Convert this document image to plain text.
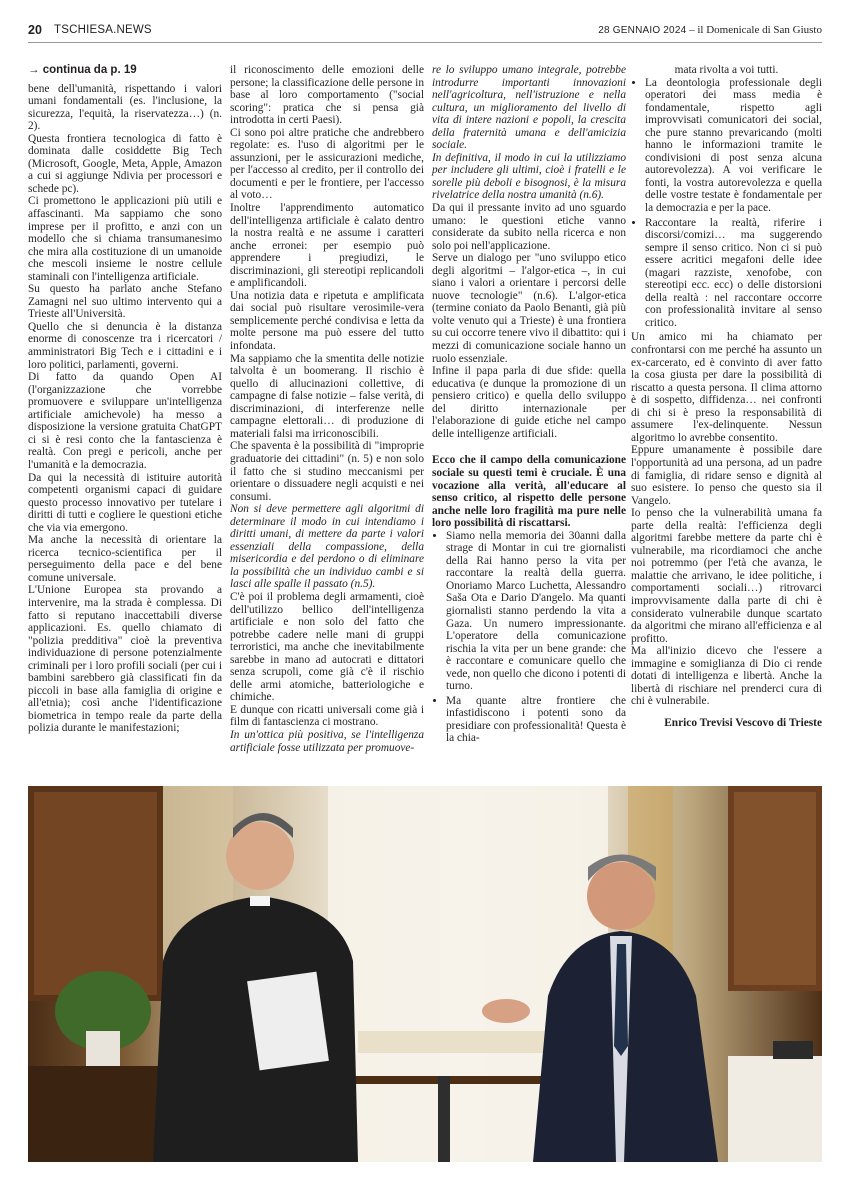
20 TSCHIESA.NEWS	28 GENNAIO 2024 – il Domenicale di San Giusto

→ continua da p. 19

bene dell'umanità, rispettando i valori umani fondamentali (es. l'inclusione, la sicurezza, l'equità, la riservatezza…) (n. 2).

Questa frontiera tecnologica di fatto è dominata dalle cosiddette Big Tech (Microsoft, Google, Meta, Apple, Amazon a cui si aggiunge Ndivia per processori e schede pc).

Ci promettono le applicazioni più utili e affascinanti. Ma sappiamo che sono imprese per il profitto, e anzi con un modello che si chiama transumanesimo che mira alla costituzione di un umanoide che mescoli insieme le nostre cellule staminali con l'intelligenza artificiale.

Su questo ha parlato anche Stefano Zamagni nel suo ultimo intervento qui a Trieste all'Università.

Quello che si denuncia è la distanza enorme di conoscenze tra i ricercatori / amministratori Big Tech e i cittadini e i loro politici, parlamenti, governi.

Di fatto da quando Open AI (l'organizzazione che vorrebbe promuovere e sviluppare un'intelligenza artificiale amichevole) ha messo a disposizione la versione gratuita ChatGPT ci si è resi conto che la fantascienza è realtà. Con pregi e pericoli, anche per l'umanità e la democrazia.

Da qui la necessità di istituire autorità competenti organismi capaci di guidare questo processo innovativo per tutelare i diritti di tutti e cogliere le questioni etiche che via via emergono.

Ma anche la necessità di orientare la ricerca tecnico-scientifica per il perseguimento della pace e del bene comune universale.

L'Unione Europea sta provando a intervenire, ma la strada è complessa. Di fatto si reputano inaccettabili diverse applicazioni. Es. quello chiamato di "polizia predditiva" cioè la preventiva individuazione di persone potenzialmente criminali per i loro profili sociali (per cui i bambini sarebbero già classificati fin da piccoli in base alla famiglia di origine e all'etnia); così anche l'identificazione biometrica in tempo reale da parte della polizia durante le manifestazioni;

il riconoscimento delle emozioni delle persone; la classificazione delle persone in base al loro comportamento ("social scoring": pratica che si pensa già introdotta in certi Paesi).

Ci sono poi altre pratiche che andrebbero regolate: es. l'uso di algoritmi per le assunzioni, per le assicurazioni mediche, per l'accesso al credito, per il controllo dei documenti e per le frontiere, per l'accesso al voto…

Inoltre l'apprendimento automatico dell'intelligenza artificiale è calato dentro la nostra realtà e ne assume i caratteri anche erronei: per esempio può apprendere i pregiudizi, le discriminazioni, gli stereotipi replicandoli e amplificandoli.

Una notizia data e ripetuta e amplificata dai social può risultare verosimile-vera semplicemente perché condivisa e letta da molte persone ma può essere del tutto infondata.

Ma sappiamo che la smentita delle notizie talvolta è un boomerang. Il rischio è quello di allucinazioni collettive, di campagne di false notizie – false verità, di discriminazioni, di interferenze nelle campagne elettorali… di produzione di materiali falsi ma irriconoscibili.

Che spaventa è la possibilità di "improprie graduatorie dei cittadini" (n. 5) e non solo il fatto che si studino meccanismi per orientare o dissuadere negli acquisti e nei consumi.

Non si deve permettere agli algoritmi di determinare il modo in cui intendiamo i diritti umani, di mettere da parte i valori essenziali della compassione, della misericordia e del perdono o di eliminare la possibilità che un individuo cambi e si lasci alle spalle il passato (n.5).

C'è poi il problema degli armamenti, cioè dell'utilizzo bellico dell'intelligenza artificiale e non solo del fatto che potrebbe cadere nelle mani di gruppi terroristici, ma anche che inevitabilmente sarebbe in mano ad autocrati e dittatori senza scrupoli, come già c'è il rischio delle armi atomiche, batteriologiche e chimiche.

E dunque con ricatti universali come già i film di fantascienza ci mostrano.

In un'ottica più positiva, se l'intelligenza artificiale fosse utilizzata per promuove-

re lo sviluppo umano integrale, potrebbe introdurre importanti innovazioni nell'agricoltura, nell'istruzione e nella cultura, un miglioramento del livello di vita di intere nazioni e popoli, la crescita della fraternità umana e dell'amicizia sociale.

In definitiva, il modo in cui la utilizziamo per includere gli ultimi, cioè i fratelli e le sorelle più deboli e bisognosi, è la misura rivelatrice della nostra umanità (n.6).

Da qui il pressante invito ad uno sguardo umano: le questioni etiche vanno considerate da subito nella ricerca e non solo poi nell'applicazione.

Serve un dialogo per "uno sviluppo etico degli algoritmi – l'algor-etica –, in cui siano i valori a orientare i percorsi delle nuove tecnologie" (n.6). L'algor-etica (termine coniato da Paolo Benanti, già più volte venuto qui a Trieste) è una frontiera su cui occorre tenere vivo il dibattito: qui i mezzi di comunicazione sociale hanno un ruolo essenziale.

Infine il papa parla di due sfide: quella educativa (e dunque la promozione di un pensiero critico) e quella dello sviluppo del diritto internazionale per l'elaborazione di guide etiche nel campo delle intelligenze artificiali.

Ecco che il campo della comunicazione sociale su questi temi è cruciale. È una vocazione alla verità, all'educare al senso critico, al rispetto delle persone anche nelle loro fragilità ma pure nelle loro possibilità di riscattarsi.

• Siamo nella memoria dei 30anni dalla strage di Montar in cui tre giornalisti della Rai hanno perso la vita per raccontare la realtà della guerra. Onoriamo Marco Luchetta, Alessandro Saša Ota e Dario D'angelo. Ma quanti giornalisti stanno perdendo la vita a Gaza. Un numero impressionante. L'operatore della comunicazione rischia la vita per un bene grande: che è raccontare e comunicare quello che vede, non quello che dicono i potenti di turno.
• Ma quante altre frontiere che infastidiscono i potenti sono da presidiare con professionalità! Questa è la chia-

mata rivolta a voi tutti.

• La deontologia professionale degli operatori dei mass media è fondamentale, rispetto agli improvvisati comunicatori dei social, che pure stanno prevaricando (molti hanno le informazioni tramite le condivisioni di post senza alcuna autorevolezza). A voi verificare le fonti, la vostra autorevolezza e quella delle vostre testate è fondamentale per la democrazia e per la pace.
• Raccontare la realtà, riferire i discorsi/comizi… ma suggerendo sempre il senso critico. Non ci si può essere acritici megafoni delle idee (magari razziste, xenofobe, con stereotipi ecc. ecc) o delle distorsioni della realtà : nel raccontare occorre con professionalità invitare al senso critico.

Un amico mi ha chiamato per confrontarsi con me perché ha assunto un ex-carcerato, ed è convinto di aver fatto la cosa giusta per dare la possibilità di riscatto a questa persona. Il clima attorno è di sospetto, diffidenza… nei confronti di chi si è preso la responsabilità di assumere l'ex-delinquente. Nessun algoritmo lo avrebbe consentito.

Eppure umanamente è possibile dare l'opportunità ad una persona, ad un padre di famiglia, di ridare senso e dignità al suo esistere. Io penso che questo sia il Vangelo.

Io penso che la vulnerabilità umana fa parte della realtà: l'efficienza degli algoritmi farebbe mettere da parte chi è vulnerabile, ma ricordiamoci che anche noi potremmo (per l'età che avanza, le malattie che arrivano, le idee politiche, i comportamenti sociali…) ritrovarci improvvisamente dalla parte di chi è considerato vulnerabile dunque scartato da algoritmi che mirano all'efficienza e al profitto.

Ma all'inizio dicevo che l'essere a immagine e somiglianza di Dio ci rende dotati di intelligenza e libertà. Anche la libertà di rischiare nel prenderci cura di chi è vulnerabile.

Enrico Trevisi Vescovo di Trieste
